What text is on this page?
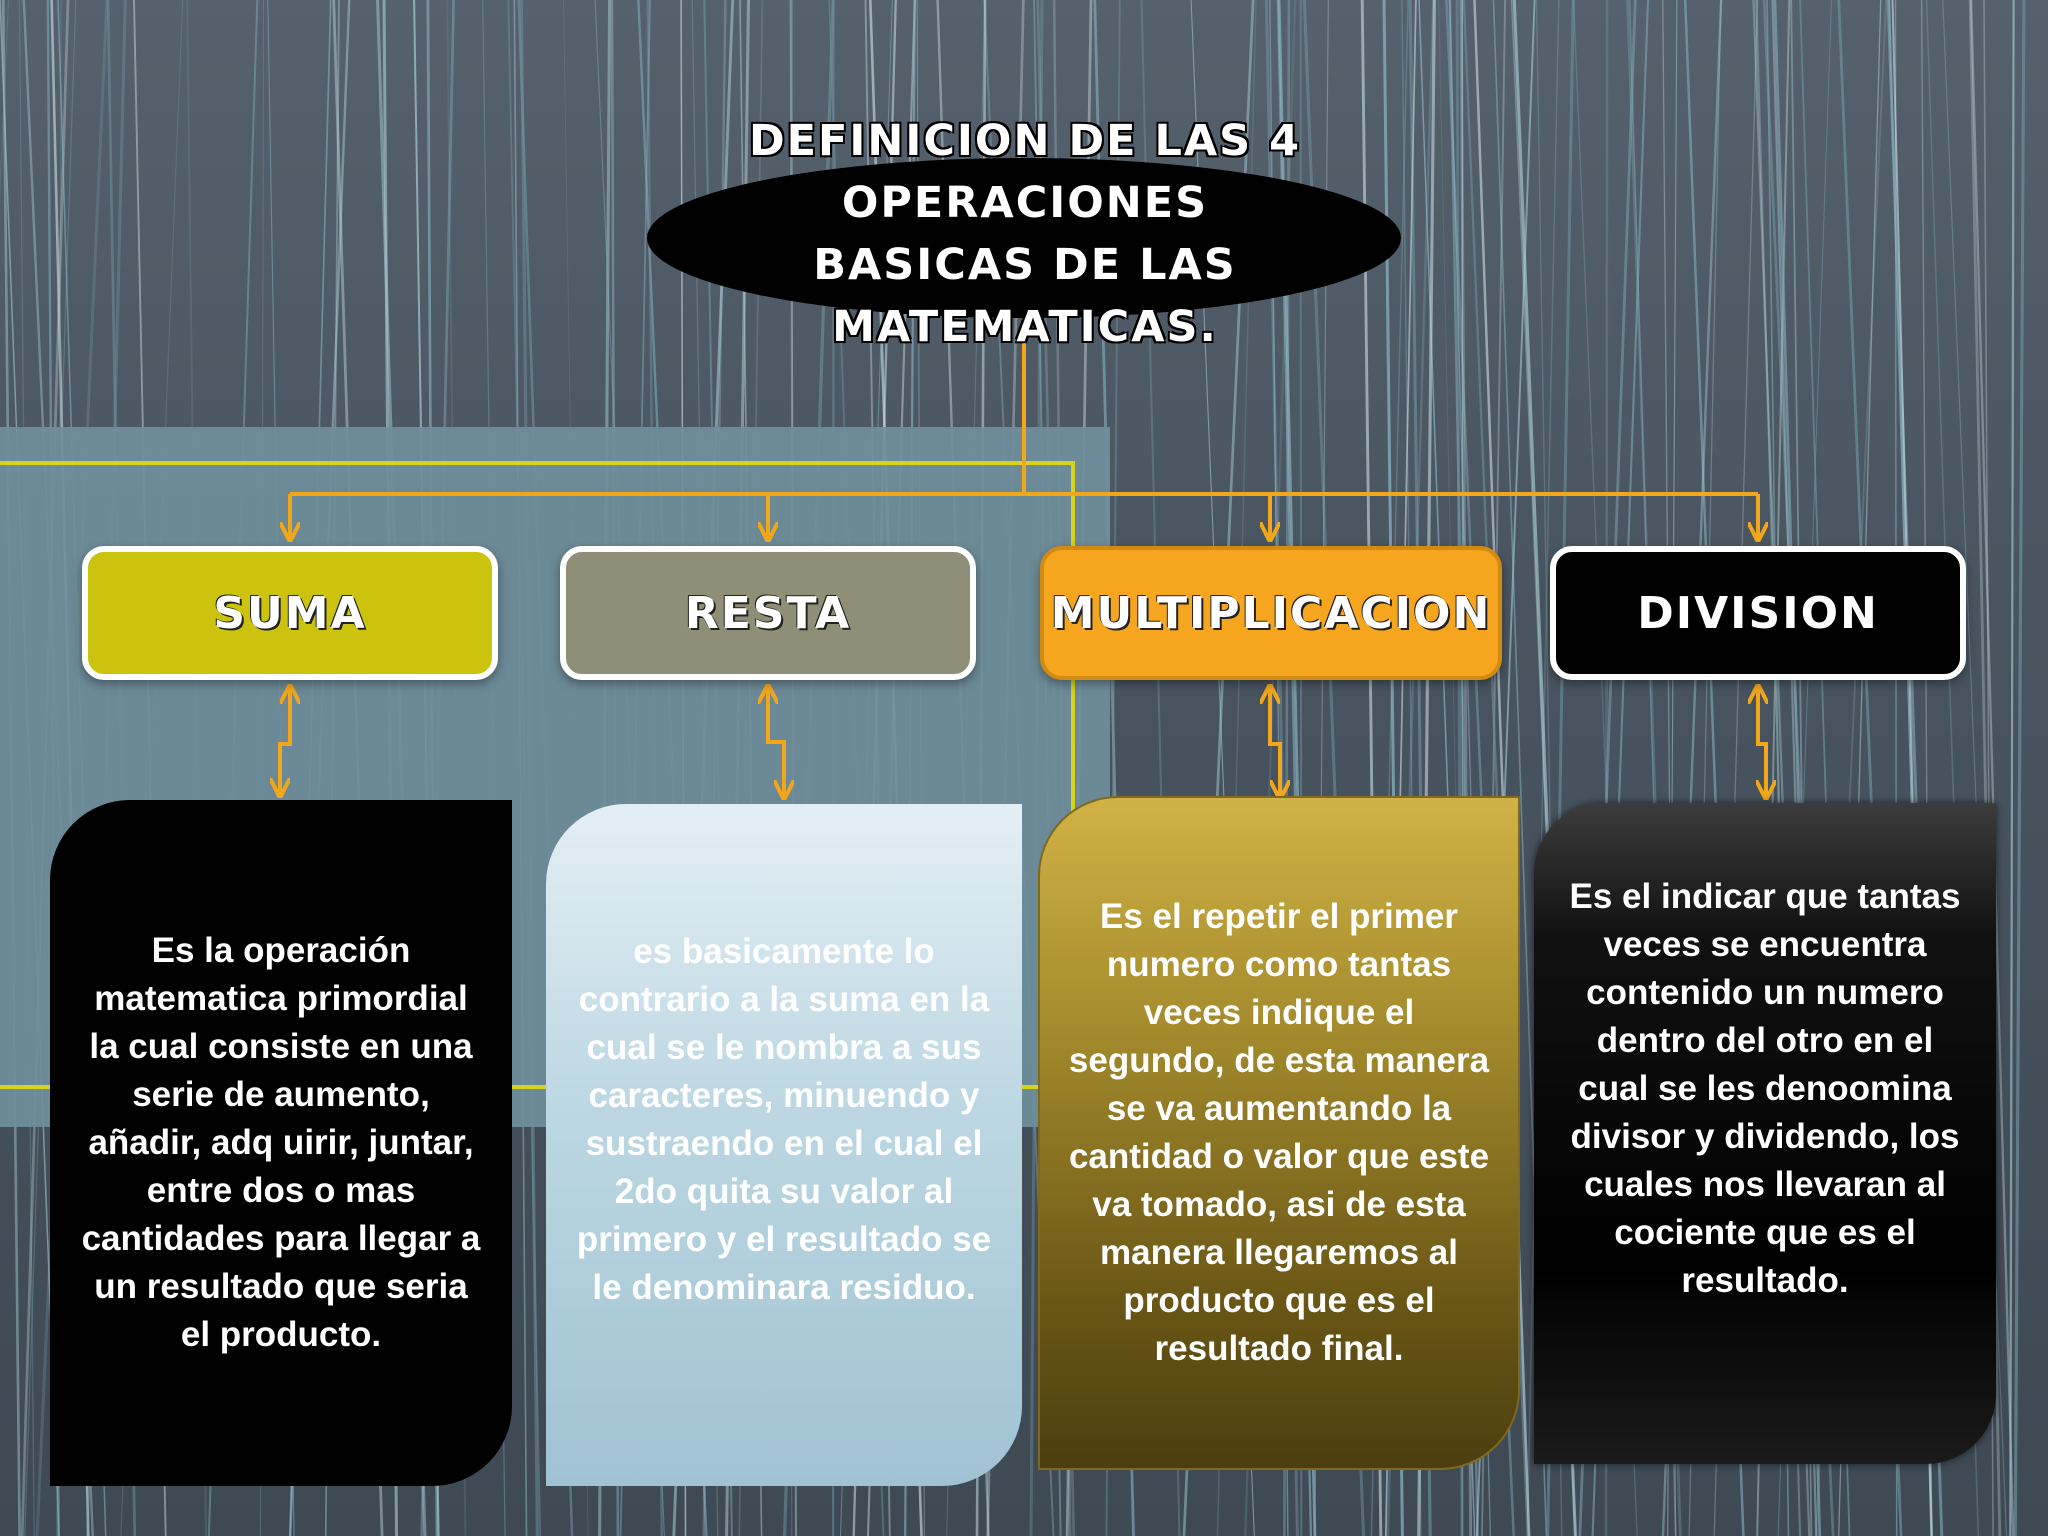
DEFINICION DE LAS 4
OPERACIONES
BASICAS DE LAS
MATEMATICAS.
SUMA	RESTA	MULTIPLICACION	DIVISION

Es la operación matematica primordial la cual consiste en una serie de aumento, añadir, adq uirir, juntar, entre dos o mas cantidades para llegar a un resultado que seria el producto.

es basicamente lo contrario a la suma en la cual se le nombra a sus caracteres, minuendo y sustraendo en el cual el 2do quita su valor al primero y el resultado se le denominara residuo.

Es el repetir el primer numero como tantas veces indique el segundo, de esta manera se va aumentando la cantidad o valor que este va tomado, asi de esta manera llegaremos al producto que es el resultado final.

Es el indicar que tantas veces se encuentra contenido un numero dentro del otro en el cual se les denoomina divisor y dividendo, los cuales nos llevaran al cociente que es el resultado.
